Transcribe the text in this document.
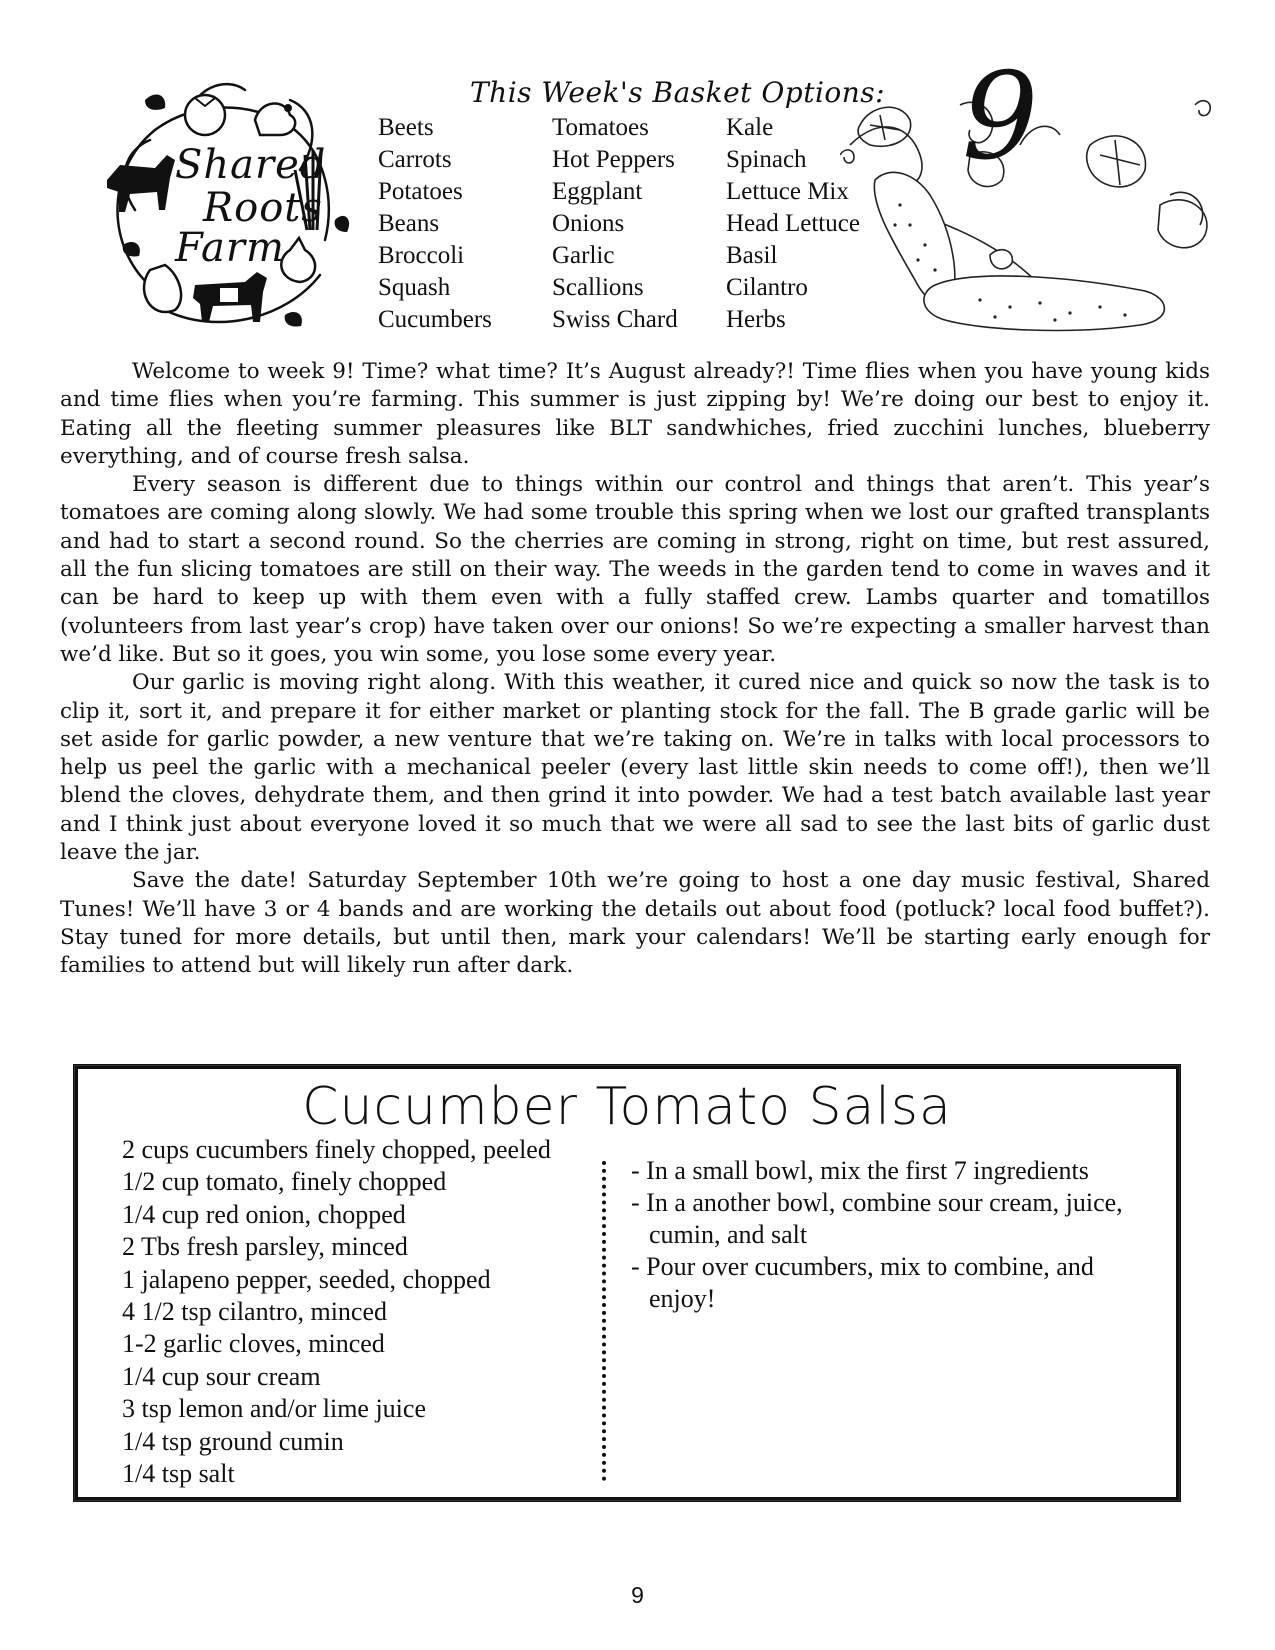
Shared
Roots
Farm
This Week's Basket Options:
Beets
Carrots
Potatoes
Beans
Broccoli
Squash
Cucumbers
Tomatoes
Hot Peppers
Eggplant
Onions
Garlic
Scallions
Swiss Chard
Kale
Spinach
Lettuce Mix
Head Lettuce
Basil
Cilantro
Herbs
9

Welcome to week 9! Time? what time? It’s August already?! Time flies when you have young kids and time flies when you’re farming. This summer is just zipping by! We’re doing our best to enjoy it. Eating all the fleeting summer pleasures like BLT sandwhiches, fried zucchini lunches, blueberry everything, and of course fresh salsa.

Every season is different due to things within our control and things that aren’t. This year’s tomatoes are coming along slowly. We had some trouble this spring when we lost our grafted transplants and had to start a second round. So the cherries are coming in strong, right on time, but rest assured, all the fun slicing tomatoes are still on their way. The weeds in the garden tend to come in waves and it can be hard to keep up with them even with a fully staffed crew. Lambs quarter and tomatillos (volunteers from last year’s crop) have taken over our onions! So we’re expecting a smaller harvest than we’d like. But so it goes, you win some, you lose some every year.

Our garlic is moving right along. With this weather, it cured nice and quick so now the task is to clip it, sort it, and prepare it for either market or planting stock for the fall. The B grade garlic will be set aside for garlic powder, a new venture that we’re taking on. We’re in talks with local processors to help us peel the garlic with a mechanical peeler (every last little skin needs to come off!), then we’ll blend the cloves, dehydrate them, and then grind it into powder. We had a test batch available last year and I think just about everyone loved it so much that we were all sad to see the last bits of garlic dust leave the jar.

Save the date! Saturday September 10th we’re going to host a one day music festival, Shared Tunes! We’ll have 3 or 4 bands and are working the details out about food (potluck? local food buffet?). Stay tuned for more details, but until then, mark your calendars! We’ll be starting early enough for families to attend but will likely run after dark.

Cucumber Tomato Salsa
2 cups cucumbers finely chopped, peeled
1/2 cup tomato, finely chopped
1/4 cup red onion, chopped
2 Tbs fresh parsley, minced
1 jalapeno pepper, seeded, chopped
4 1/2 tsp cilantro, minced
1-2 garlic cloves, minced
1/4 cup sour cream
3 tsp lemon and/or lime juice
1/4 tsp ground cumin
1/4 tsp salt
- In a small bowl, mix the first 7 ingredients
- In a another bowl, combine sour cream, juice, cumin, and salt
- Pour over cucumbers, mix to combine, and enjoy!
9
